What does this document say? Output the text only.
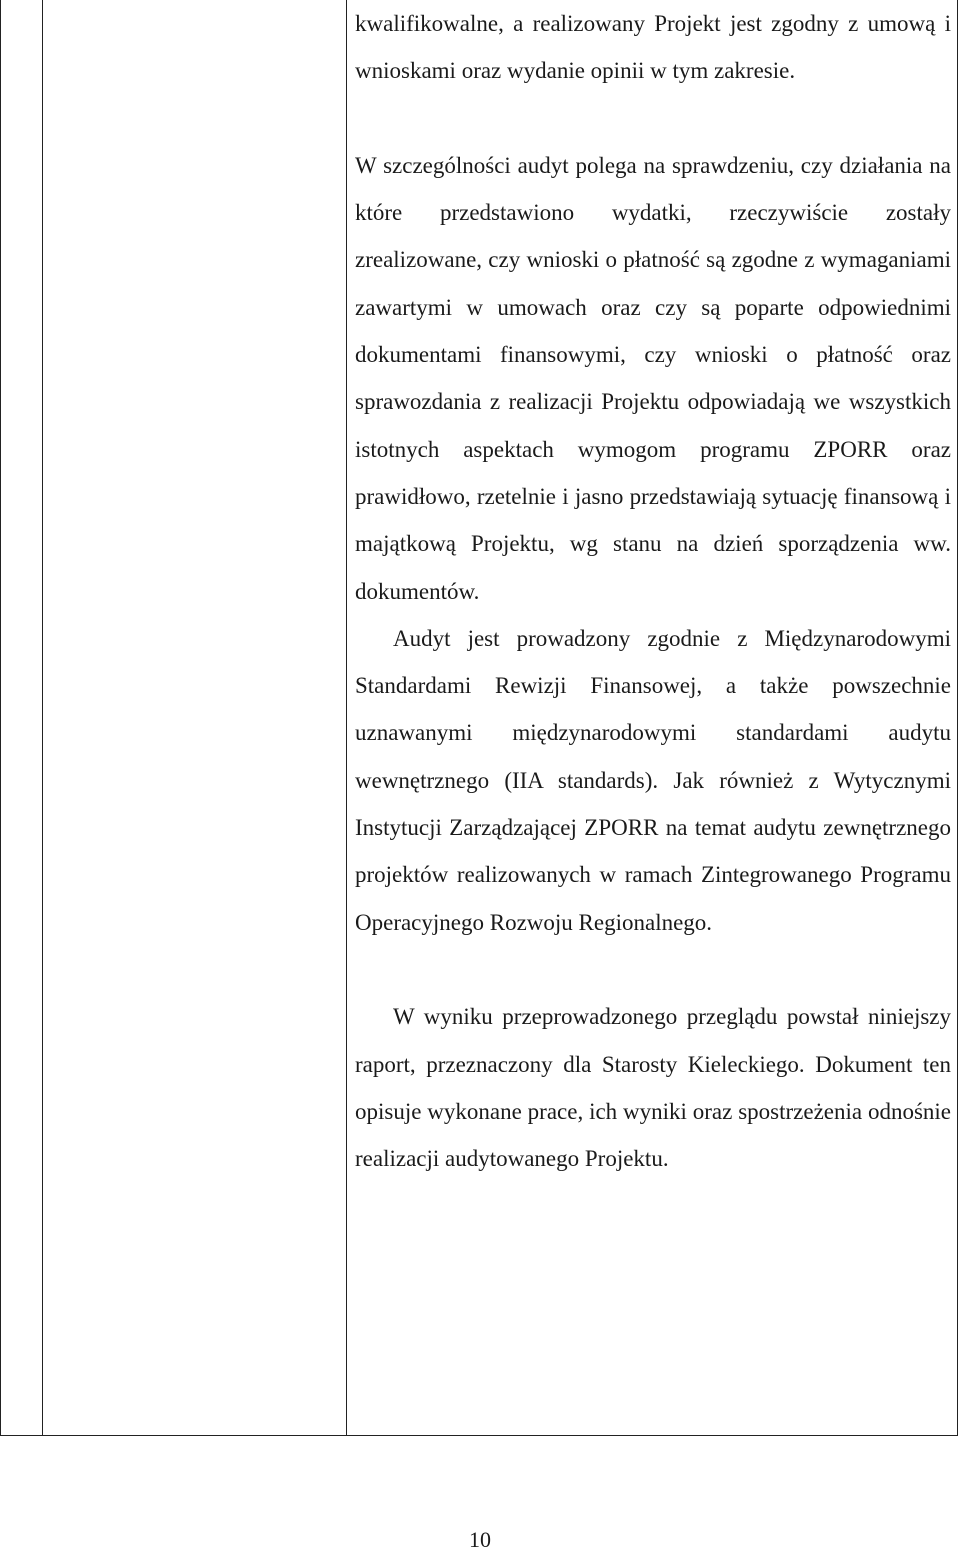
kwalifikowalne, a realizowany Projekt jest zgodny z umową i wnioskami oraz wydanie opinii w tym zakresie.

W szczególności audyt polega na sprawdzeniu, czy działania na które przedstawiono wydatki, rzeczywiście zostały zrealizowane, czy wnioski o płatność są zgodne z wymaganiami zawartymi w umowach oraz czy są poparte odpowiednimi dokumentami finansowymi, czy wnioski o płatność oraz sprawozdania z realizacji Projektu odpowiadają we wszystkich istotnych aspektach wymogom programu ZPORR oraz prawidłowo, rzetelnie i jasno przedstawiają sytuację finansową i majątkową Projektu, wg stanu na dzień sporządzenia ww. dokumentów.

Audyt jest prowadzony zgodnie z Międzynarodowymi Standardami Rewizji Finansowej, a także powszechnie uznawanymi międzynarodowymi standardami audytu wewnętrznego (IIA standards). Jak również z Wytycznymi Instytucji Zarządzającej ZPORR na temat audytu zewnętrznego projektów realizowanych w ramach Zintegrowanego Programu Operacyjnego Rozwoju Regionalnego.

W wyniku przeprowadzonego przeglądu powstał niniejszy raport, przeznaczony dla Starosty Kieleckiego. Dokument ten opisuje wykonane prace, ich wyniki oraz spostrzeżenia odnośnie realizacji audytowanego Projektu.

10
